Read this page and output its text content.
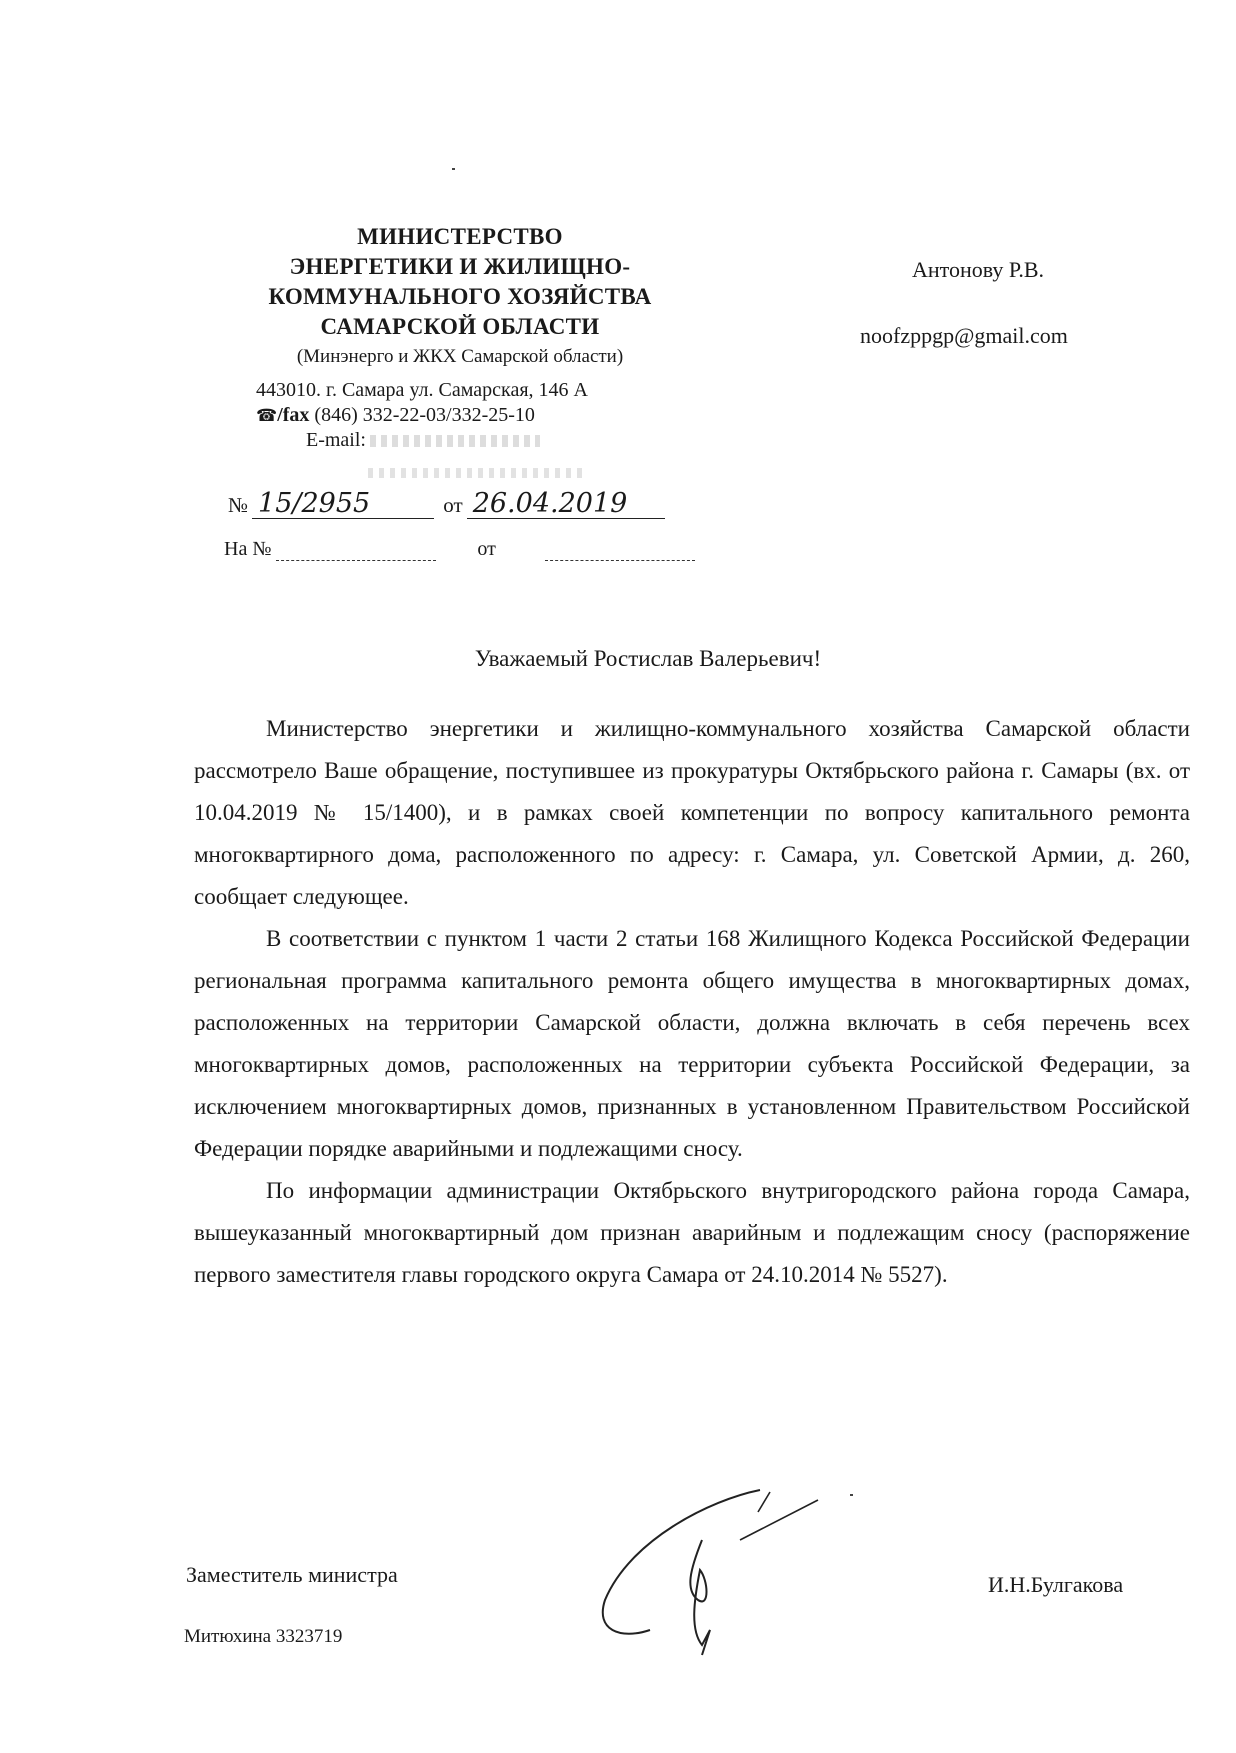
МИНИСТЕРСТВО
ЭНЕРГЕТИКИ И ЖИЛИЩНО-
КОММУНАЛЬНОГО ХОЗЯЙСТВА
САМАРСКОЙ ОБЛАСТИ
(Минэнерго и ЖКХ Самарской области)
443010. г. Самара ул. Самарская, 146 А
☎/fax (846) 332-22-03/332-25-10
E-mail:
№ 15/2955	от 26.04.2019
На №	от
Антонову Р.В.
noofzppgp@gmail.com
Уважаемый Ростислав Валерьевич!

Министерство энергетики и жилищно-коммунального хозяйства Самарской области рассмотрело Ваше обращение, поступившее из прокуратуры Октябрьского района г. Самары (вх. от 10.04.2019 № 15/1400), и в рамках своей компетенции по вопросу капитального ремонта многоквартирного дома, расположенного по адресу: г. Самара, ул. Советской Армии, д. 260, сообщает следующее.

В соответствии с пунктом 1 части 2 статьи 168 Жилищного Кодекса Российской Федерации региональная программа капитального ремонта общего имущества в многоквартирных домах, расположенных на территории Самарской области, должна включать в себя перечень всех многоквартирных домов, расположенных на территории субъекта Российской Федерации, за исключением многоквартирных домов, признанных в установленном Правительством Российской Федерации порядке аварийными и подлежащими сносу.

По информации администрации Октябрьского внутригородского района города Самара, вышеуказанный многоквартирный дом признан аварийным и подлежащим сносу (распоряжение первого заместителя главы городского округа Самара от 24.10.2014 № 5527).

Заместитель министра	И.Н.Булгакова
Митюхина 3323719
